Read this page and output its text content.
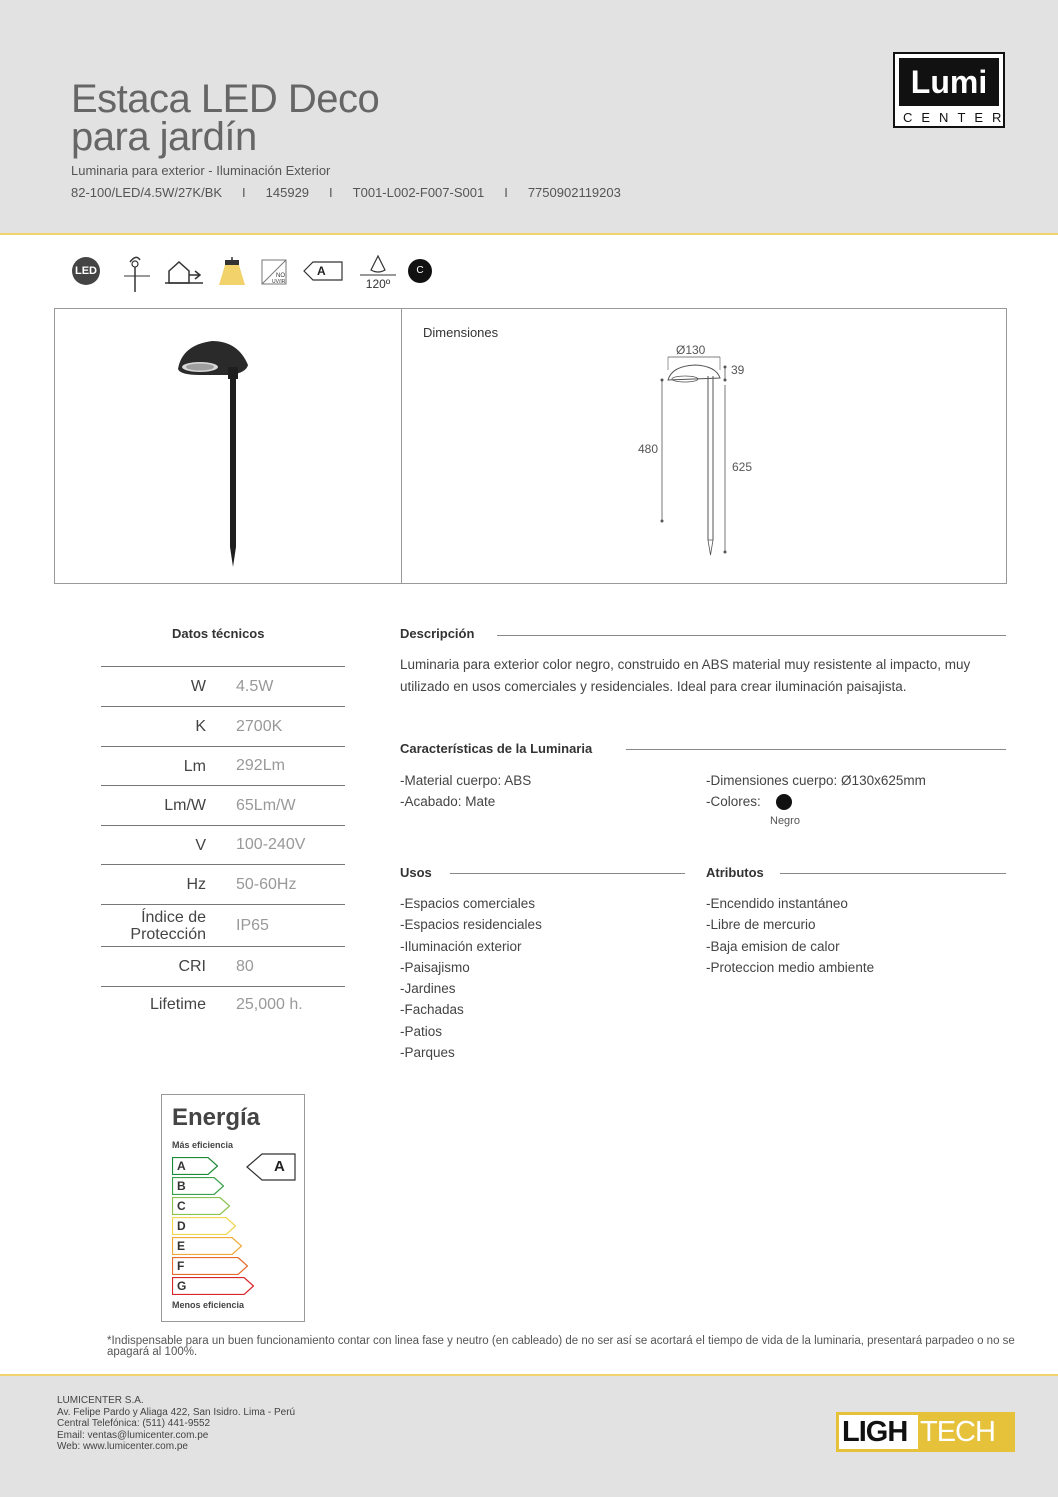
Estaca LED Deco
para jardín
Luminaria para exterior - Iluminación Exterior
82-100/LED/4.5W/27K/BK I 145929 I T001-L002-F007-S001 I 7750902119203
Lumi
CENTER
LED	NO
UV/IR
A
120º
C
Dimensiones
Ø130
39
480
625
Datos técnicos
W 4.5W
K 2700K
Lm 292Lm
Lm/W 65Lm/W
V 100-240V
Hz 50-60Hz
Índice de Protección
IP65
CRI 80
Lifetime 25,000 h.
Descripción
Luminaria para exterior color negro, construido en ABS material muy resistente al impacto, muy utilizado en usos comerciales y residenciales. Ideal para crear iluminación paisajista.
Características de la Luminaria
-Material cuerpo: ABS
-Acabado: Mate
-Dimensiones cuerpo: Ø130x625mm
-Colores:
Negro
Usos
-Espacios comerciales
-Espacios residenciales
-Iluminación exterior
-Paisajismo
-Jardines
-Fachadas
-Patios
-Parques
Atributos
-Encendido instantáneo
-Libre de mercurio
-Baja emision de calor
-Proteccion medio ambiente
Energía
Más eficiencia
A
B
C
D
E
F
G
A
Menos eficiencia
*Indispensable para un buen funcionamiento contar con linea fase y neutro (en cableado) de no ser así se acortará el tiempo de vida de la luminaria, presentará parpadeo o no se apagará al 100%.
LUMICENTER S.A.
Av. Felipe Pardo y Aliaga 422, San Isidro. Lima - Perú
Central Telefónica: (511) 441-9552
Email: ventas@lumicenter.com.pe
Web: www.lumicenter.com.pe	LIGH TECH
